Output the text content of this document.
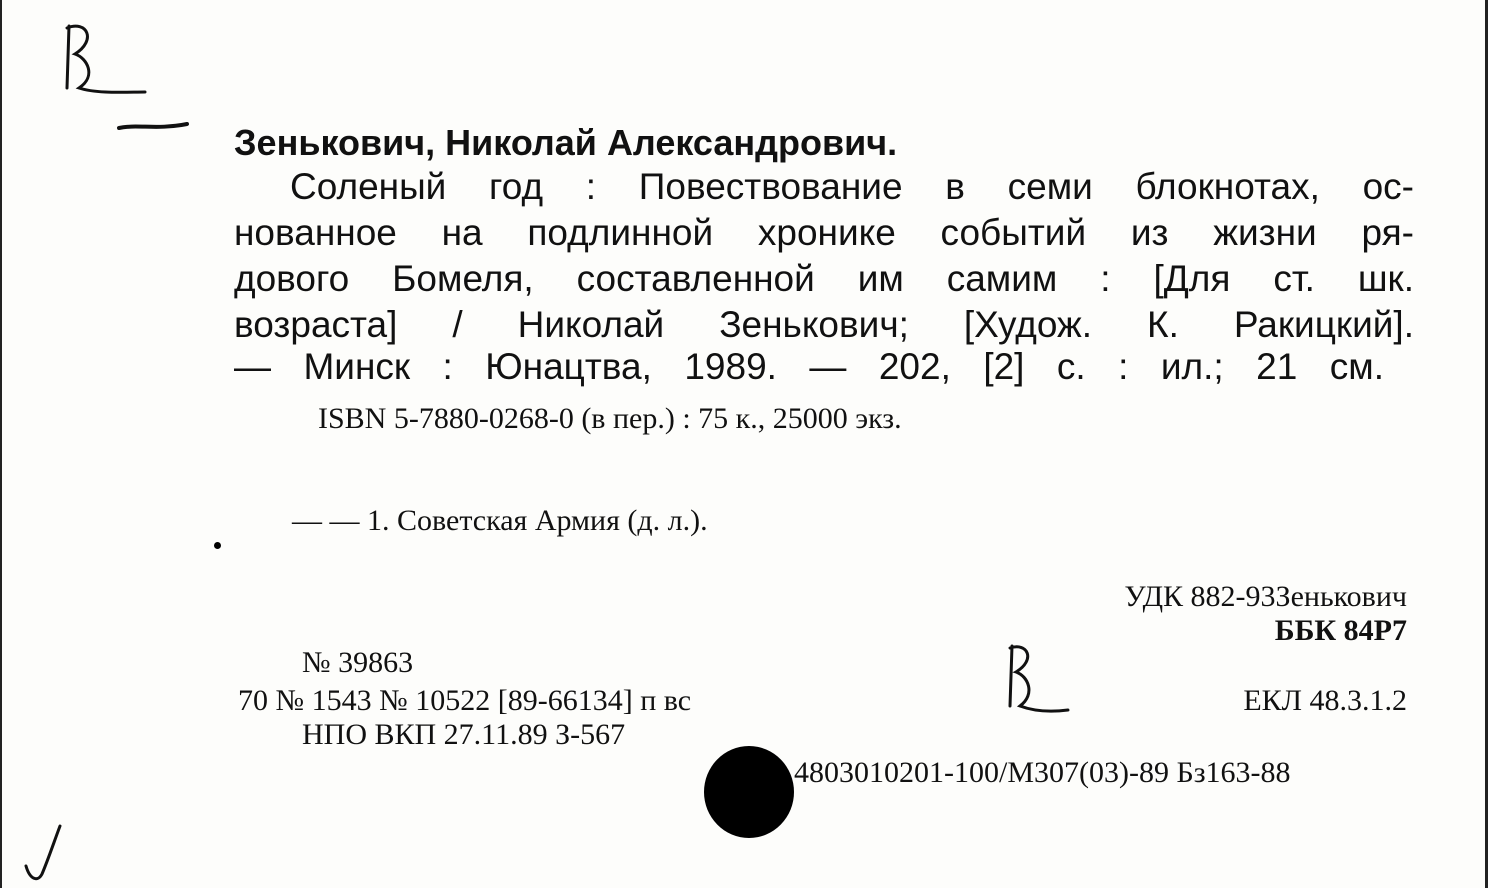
Зенькович, Николай Александрович.
Соленый год : Повествование в семи блокнотах, ос-
нованное на подлинной хронике событий из жизни ря-
дового Бомеля, составленной им самим : [Для ст. шк.
возраста] / Николай Зенькович; [Худож. К. Ракицкий].
— Минск : Юнацтва, 1989. — 202, [2] с. : ил.; 21 см.
ISBN 5-7880-0268-0 (в пер.) : 75 к., 25000 экз.
— — 1. Советская Армия (д. л.).
УДК 882-93Зенькович
ББК 84Р7
ЕКЛ 48.3.1.2
№ 39863
70 № 1543 № 10522 [89-66134] п вс
НПО ВКП 27.11.89 З-567
4803010201-100/М307(03)-89 Бз163-88
